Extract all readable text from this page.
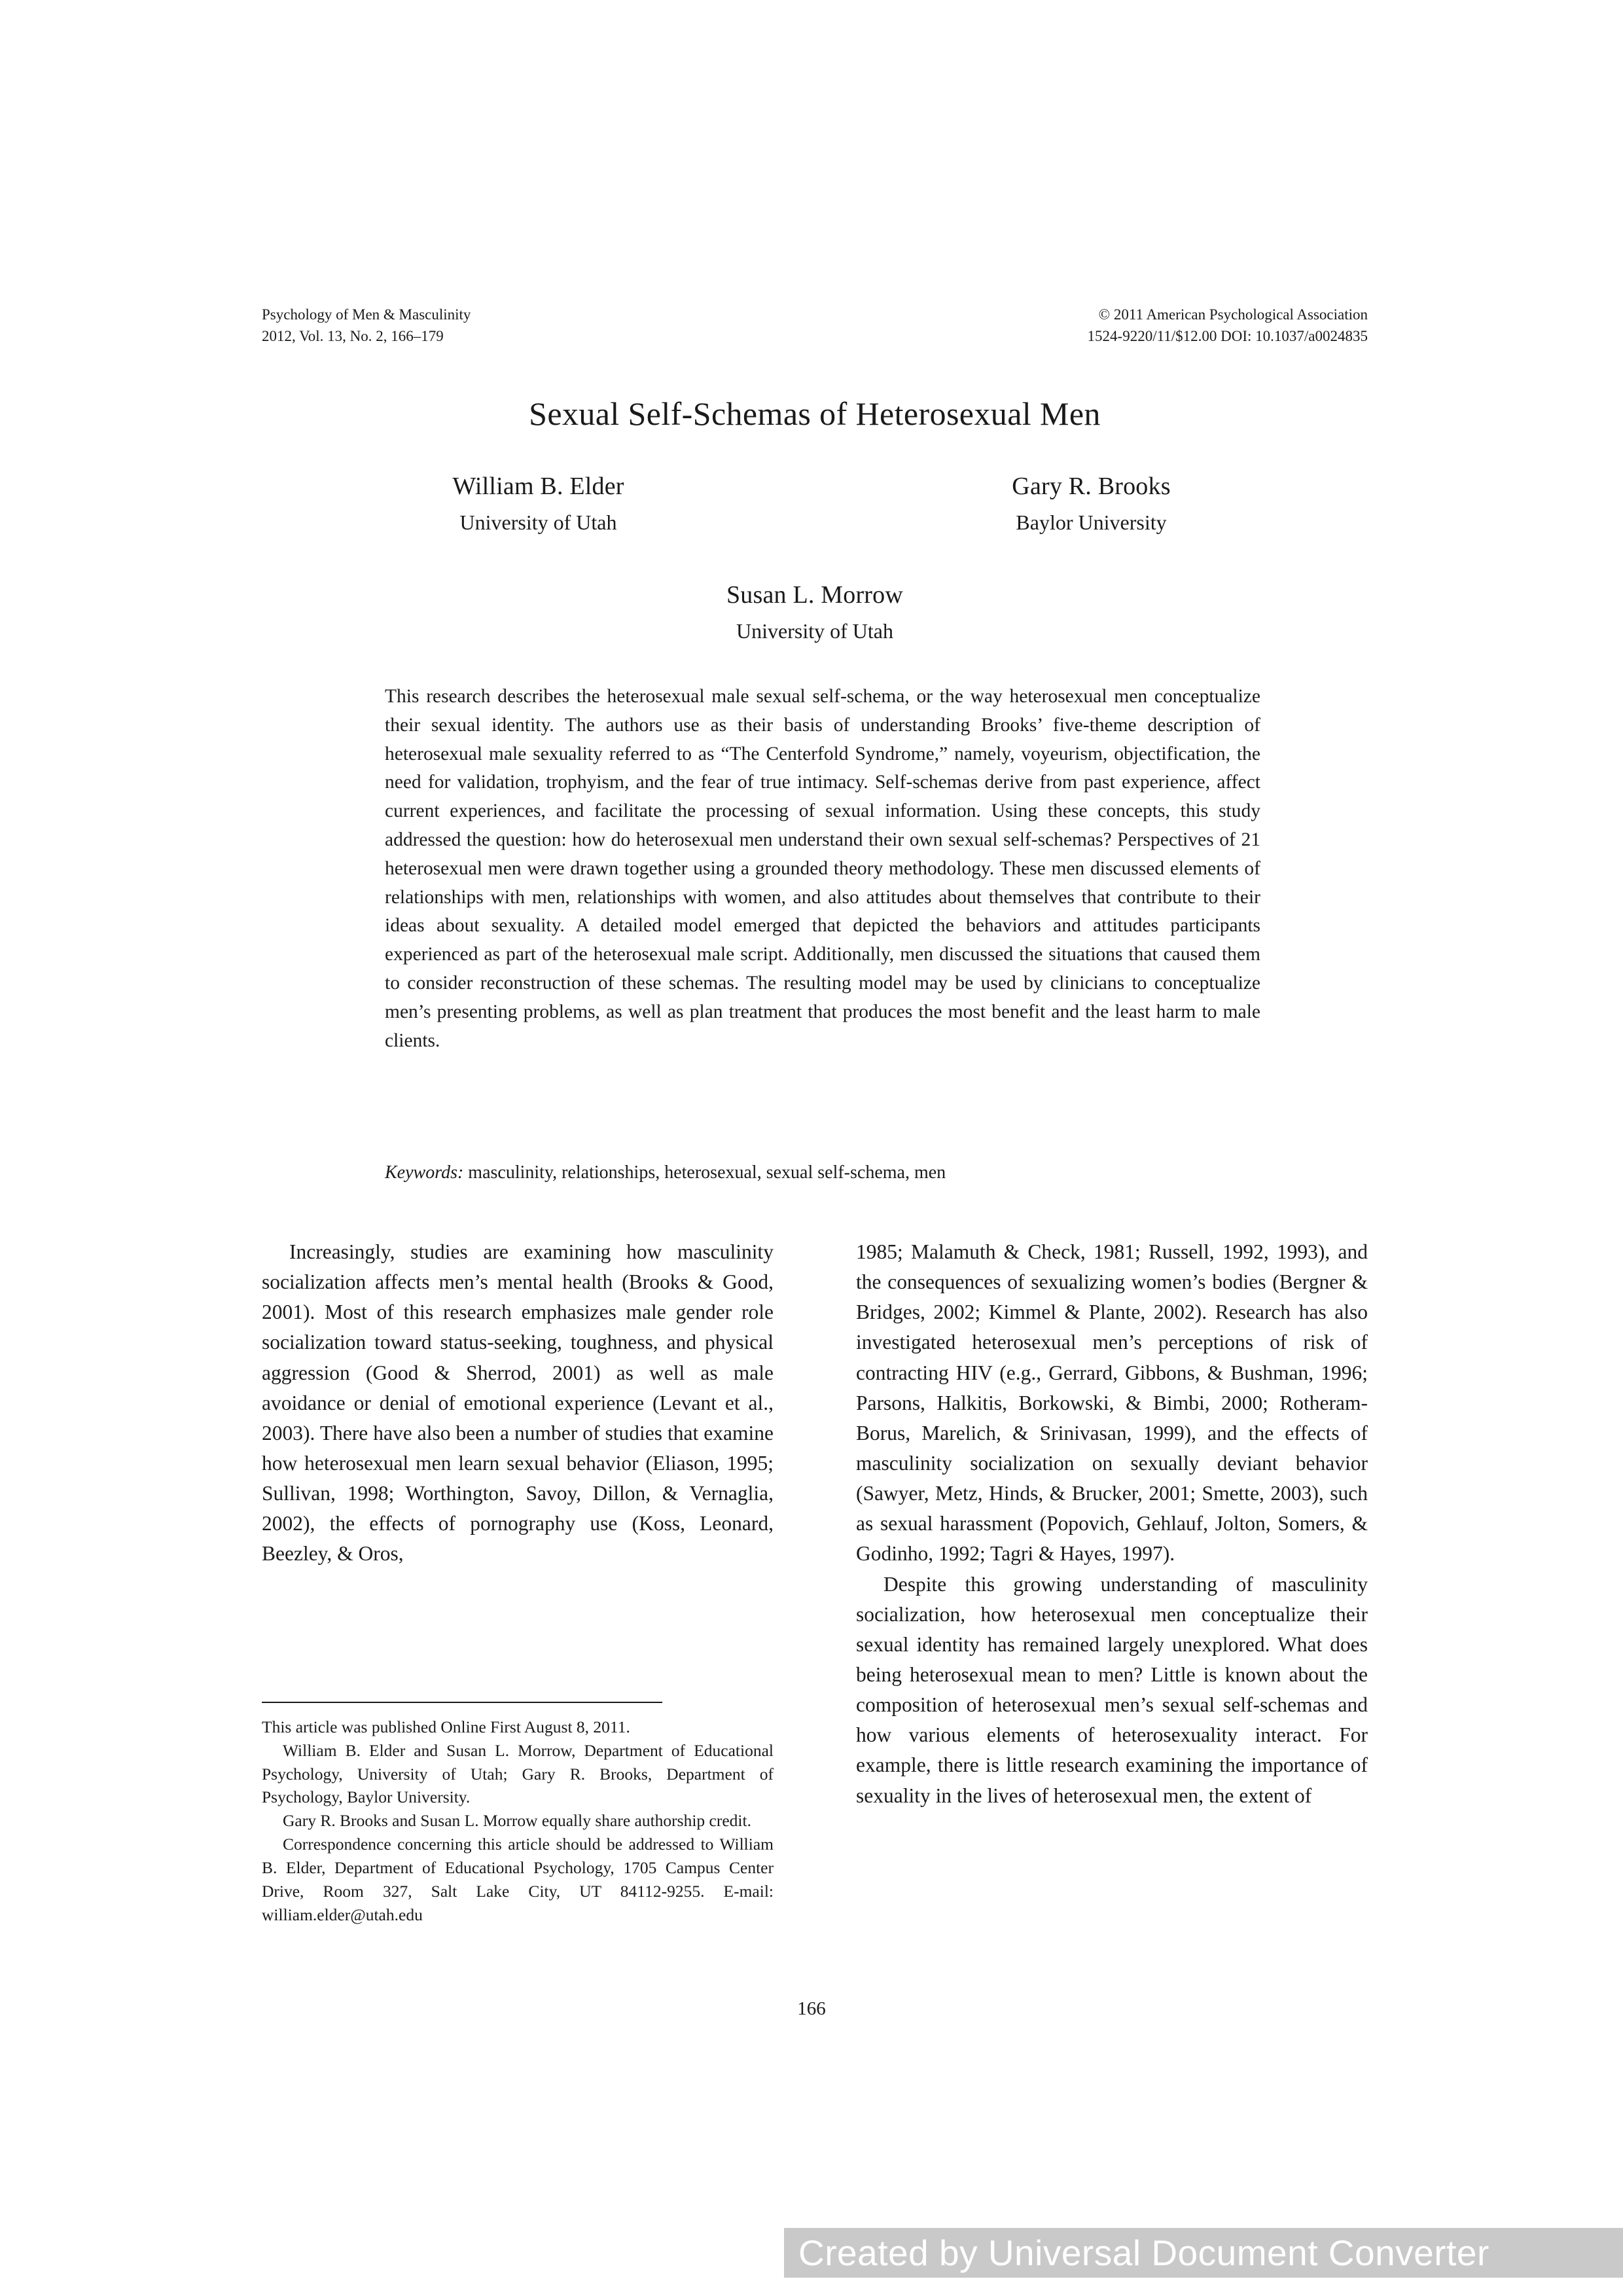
Psychology of Men & Masculinity
2012, Vol. 13, No. 2, 166–179
© 2011 American Psychological Association
1524-9220/11/$12.00 DOI: 10.1037/a0024835
Sexual Self-Schemas of Heterosexual Men
William B. Elder
University of Utah
Gary R. Brooks
Baylor University
Susan L. Morrow
University of Utah
This research describes the heterosexual male sexual self-schema, or the way heterosexual men conceptualize their sexual identity. The authors use as their basis of understanding Brooks’ five-theme description of heterosexual male sexuality referred to as “The Centerfold Syndrome,” namely, voyeurism, objectification, the need for validation, trophyism, and the fear of true intimacy. Self-schemas derive from past experience, affect current experiences, and facilitate the processing of sexual information. Using these concepts, this study addressed the question: how do heterosexual men understand their own sexual self-schemas? Perspectives of 21 heterosexual men were drawn together using a grounded theory methodology. These men discussed elements of relationships with men, relationships with women, and also attitudes about themselves that contribute to their ideas about sexuality. A detailed model emerged that depicted the behaviors and attitudes participants experienced as part of the heterosexual male script. Additionally, men discussed the situations that caused them to consider reconstruction of these schemas. The resulting model may be used by clinicians to conceptualize men’s presenting problems, as well as plan treatment that produces the most benefit and the least harm to male clients.
Keywords: masculinity, relationships, heterosexual, sexual self-schema, men

Increasingly, studies are examining how masculinity socialization affects men’s mental health (Brooks & Good, 2001). Most of this research emphasizes male gender role socialization toward status-seeking, toughness, and physical aggression (Good & Sherrod, 2001) as well as male avoidance or denial of emotional experience (Levant et al., 2003). There have also been a number of studies that examine how heterosexual men learn sexual behavior (Eliason, 1995; Sullivan, 1998; Worthington, Savoy, Dillon, & Vernaglia, 2002), the effects of pornography use (Koss, Leonard, Beezley, & Oros,

1985; Malamuth & Check, 1981; Russell, 1992, 1993), and the consequences of sexualizing women’s bodies (Bergner & Bridges, 2002; Kimmel & Plante, 2002). Research has also investigated heterosexual men’s perceptions of risk of contracting HIV (e.g., Gerrard, Gibbons, & Bushman, 1996; Parsons, Halkitis, Borkowski, & Bimbi, 2000; Rotheram-Borus, Marelich, & Srinivasan, 1999), and the effects of masculinity socialization on sexually deviant behavior (Sawyer, Metz, Hinds, & Brucker, 2001; Smette, 2003), such as sexual harassment (Popovich, Gehlauf, Jolton, Somers, & Godinho, 1992; Tagri & Hayes, 1997).

Despite this growing understanding of masculinity socialization, how heterosexual men conceptualize their sexual identity has remained largely unexplored. What does being heterosexual mean to men? Little is known about the composition of heterosexual men’s sexual self-schemas and how various elements of heterosexuality interact. For example, there is little research examining the importance of sexuality in the lives of heterosexual men, the extent of

This article was published Online First August 8, 2011.

William B. Elder and Susan L. Morrow, Department of Educational Psychology, University of Utah; Gary R. Brooks, Department of Psychology, Baylor University.

Gary R. Brooks and Susan L. Morrow equally share authorship credit.

Correspondence concerning this article should be addressed to William B. Elder, Department of Educational Psychology, 1705 Campus Center Drive, Room 327, Salt Lake City, UT 84112-9255. E-mail: william.elder@utah.edu

166
Created by Universal Document Converter
